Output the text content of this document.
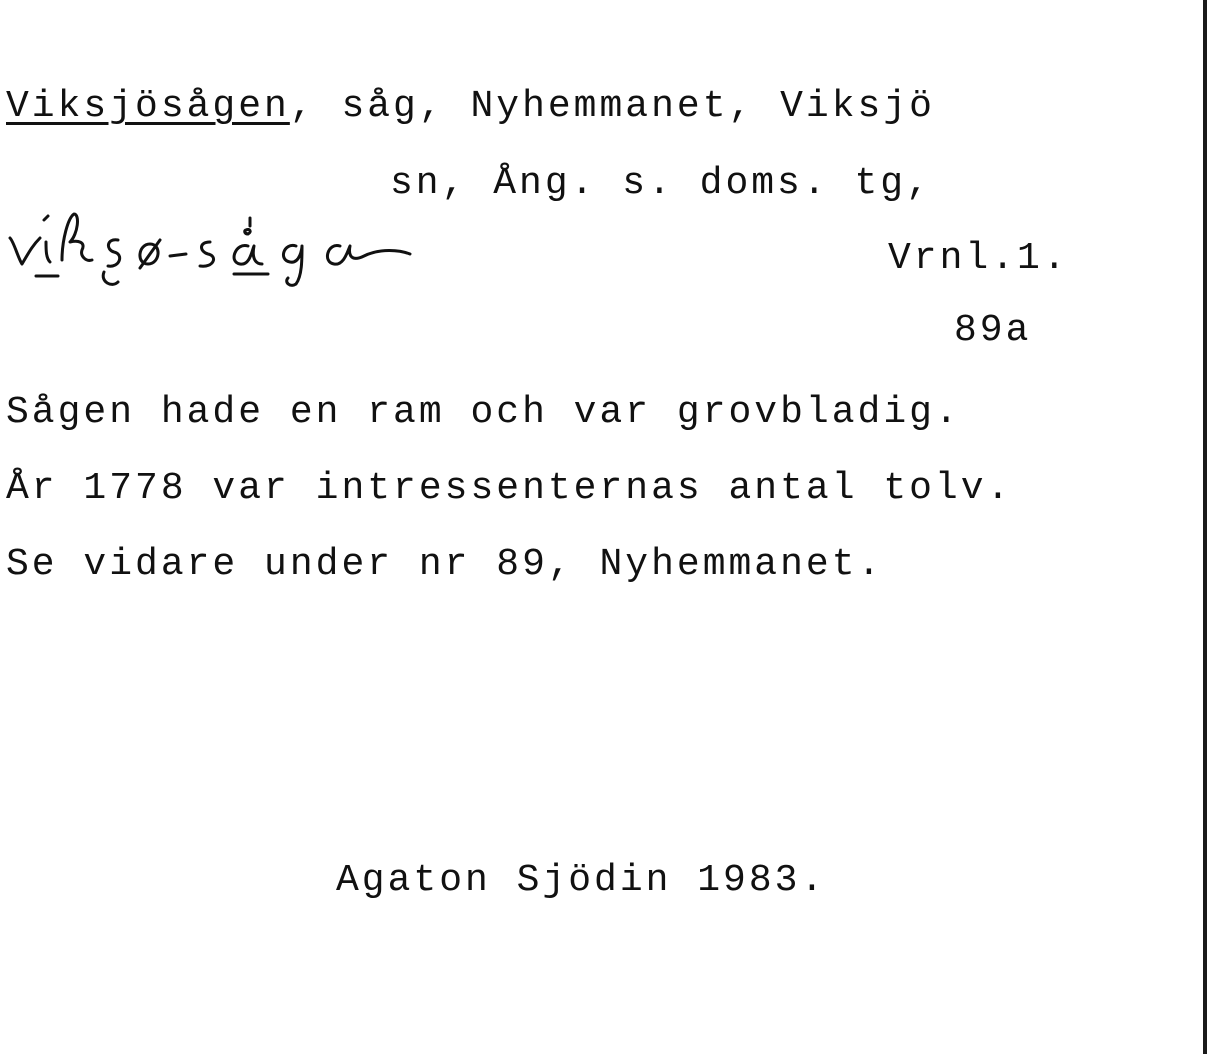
Viksjösågen, såg, Nyhemmanet, Viksjö
sn, Ång. s. doms. tg,
Vrnl.1.
89a
Sågen hade en ram och var grovbladig.
År 1778 var intressenternas antal tolv.
Se vidare under nr 89, Nyhemmanet.
Agaton Sjödin 1983.
